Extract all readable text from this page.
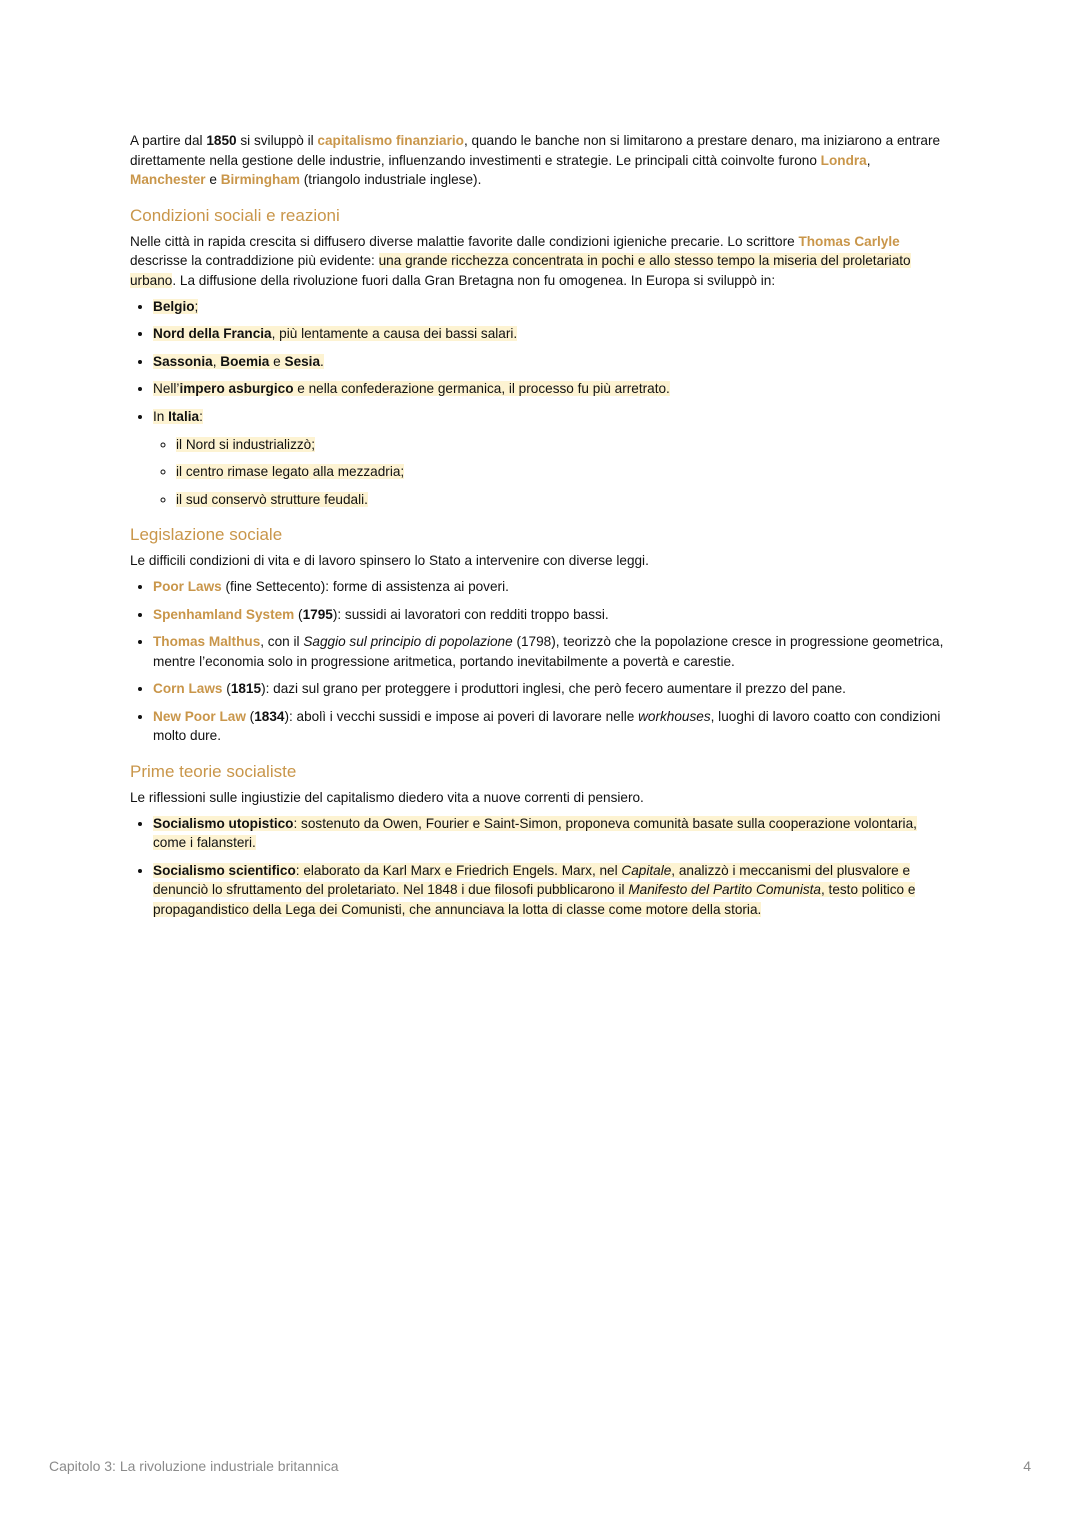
A partire dal 1850 si sviluppò il capitalismo finanziario, quando le banche non si limitarono a prestare denaro, ma iniziarono a entrare direttamente nella gestione delle industrie, influenzando investimenti e strategie. Le principali città coinvolte furono Londra, Manchester e Birmingham (triangolo industriale inglese).

Condizioni sociali e reazioni

Nelle città in rapida crescita si diffusero diverse malattie favorite dalle condizioni igieniche precarie. Lo scrittore Thomas Carlyle descrisse la contraddizione più evidente: una grande ricchezza concentrata in pochi e allo stesso tempo la miseria del proletariato urbano. La diffusione della rivoluzione fuori dalla Gran Bretagna non fu omogenea. In Europa si sviluppò in:

• Belgio;
• Nord della Francia, più lentamente a causa dei bassi salari.
• Sassonia, Boemia e Sesia.
• Nell’impero asburgico e nella confederazione germanica, il processo fu più arretrato.
• In Italia:
◦ il Nord si industrializzò;
◦ il centro rimase legato alla mezzadria;
◦ il sud conservò strutture feudali.
Legislazione sociale

Le difficili condizioni di vita e di lavoro spinsero lo Stato a intervenire con diverse leggi.

• Poor Laws (fine Settecento): forme di assistenza ai poveri.
• Spenhamland System (1795): sussidi ai lavoratori con redditi troppo bassi.
• Thomas Malthus, con il Saggio sul principio di popolazione (1798), teorizzò che la popolazione cresce in progressione geometrica, mentre l’economia solo in progressione aritmetica, portando inevitabilmente a povertà e carestie.
• Corn Laws (1815): dazi sul grano per proteggere i produttori inglesi, che però fecero aumentare il prezzo del pane.
• New Poor Law (1834): abolì i vecchi sussidi e impose ai poveri di lavorare nelle workhouses, luoghi di lavoro coatto con condizioni molto dure.
Prime teorie socialiste

Le riflessioni sulle ingiustizie del capitalismo diedero vita a nuove correnti di pensiero.

• Socialismo utopistico: sostenuto da Owen, Fourier e Saint-Simon, proponeva comunità basate sulla cooperazione volontaria, come i falansteri.
• Socialismo scientifico: elaborato da Karl Marx e Friedrich Engels. Marx, nel Capitale, analizzò i meccanismi del plusvalore e denunciò lo sfruttamento del proletariato. Nel 1848 i due filosofi pubblicarono il Manifesto del Partito Comunista, testo politico e propagandistico della Lega dei Comunisti, che annunciava la lotta di classe come motore della storia.
Capitolo 3: La rivoluzione industriale britannica	4
